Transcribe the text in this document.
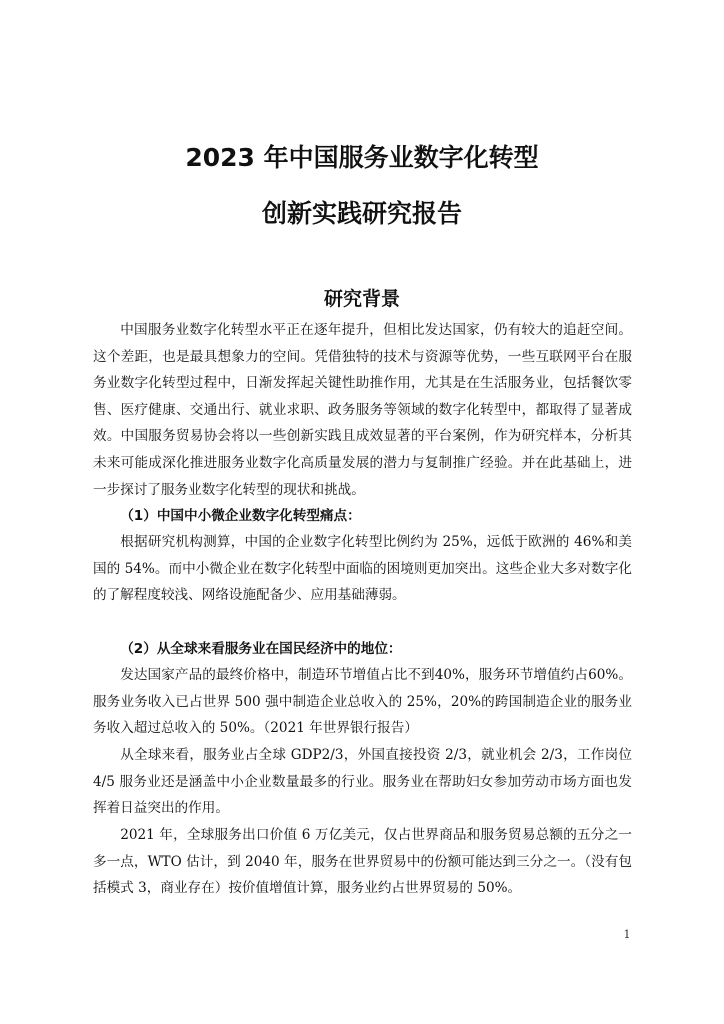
2023 年中国服务业数字化转型
创新实践研究报告
研究背景

中国服务业数字化转型水平正在逐年提升，但相比发达国家，仍有较大的追赶空间。这个差距，也是最具想象力的空间。凭借独特的技术与资源等优势，一些互联网平台在服务业数字化转型过程中，日渐发挥起关键性助推作用，尤其是在生活服务业，包括餐饮零售、医疗健康、交通出行、就业求职、政务服务等领域的数字化转型中，都取得了显著成效。中国服务贸易协会将以一些创新实践且成效显著的平台案例，作为研究样本，分析其未来可能成深化推进服务业数字化高质量发展的潜力与复制推广经验。并在此基础上，进一步探讨了服务业数字化转型的现状和挑战。

（1）中国中小微企业数字化转型痛点：

根据研究机构测算，中国的企业数字化转型比例约为 25%，远低于欧洲的 46%和美国的 54%。而中小微企业在数字化转型中面临的困境则更加突出。这些企业大多对数字化的了解程度较浅、网络设施配备少、应用基础薄弱。

（2）从全球来看服务业在国民经济中的地位：

发达国家产品的最终价格中，制造环节增值占比不到40%，服务环节增值约占60%。服务业务收入已占世界 500 强中制造企业总收入的 25%，20%的跨国制造企业的服务业务收入超过总收入的 50%。（2021 年世界银行报告）

从全球来看，服务业占全球 GDP2/3，外国直接投资 2/3，就业机会 2/3，工作岗位 4/5 服务业还是涵盖中小企业数量最多的行业。服务业在帮助妇女参加劳动市场方面也发挥着日益突出的作用。

2021 年，全球服务出口价值 6 万亿美元，仅占世界商品和服务贸易总额的五分之一多一点，WTO 估计，到 2040 年，服务在世界贸易中的份额可能达到三分之一。（没有包括模式 3，商业存在）按价值增值计算，服务业约占世界贸易的 50%。

1
